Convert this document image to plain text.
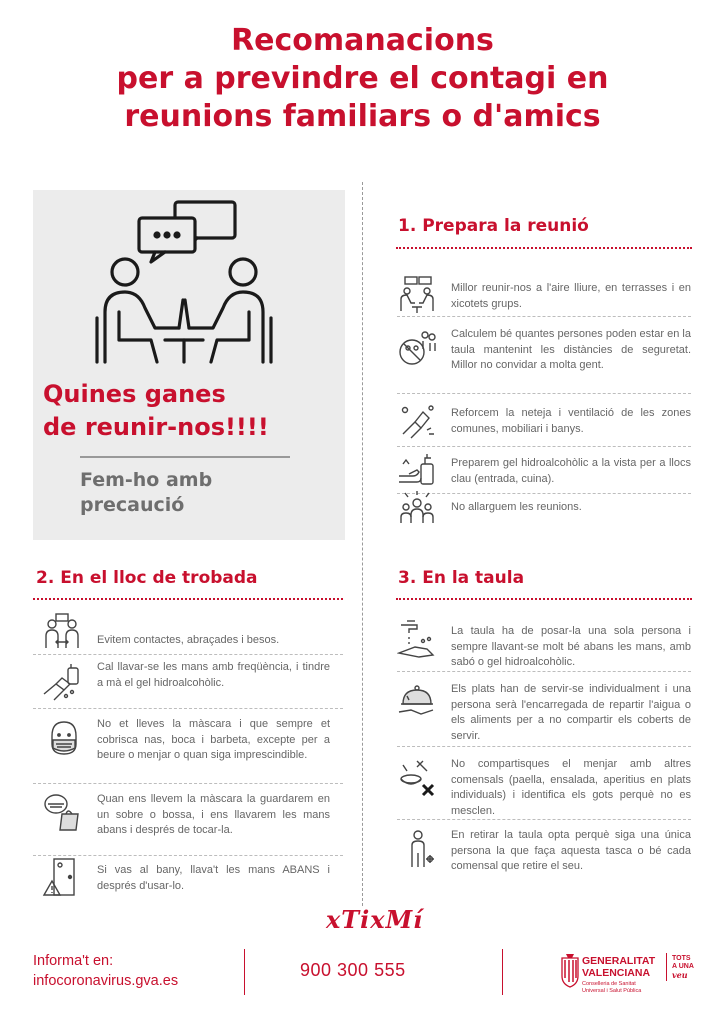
Recomanacions
per a previndre el contagi en
reunions familiars o d'amics
Quines ganes
de reunir-nos!!!!
Fem-ho amb
precaució
1. Prepara la reunió
Millor reunir-nos a l'aire lliure, en terrasses i en xicotets grups.
Calculem bé quantes persones poden estar en la taula mantenint les distàncies de seguretat. Millor no convidar a molta gent.
Reforcem la neteja i ventilació de les zones comunes, mobiliari i banys.
Preparem gel hidroalcohòlic a la vista per a llocs clau (entrada, cuina).
No allarguem les reunions.
2. En el lloc de trobada
Evitem contactes, abraçades i besos.
Cal llavar-se les mans amb freqüència, i tindre a mà el gel hidroalcohòlic.
No et lleves la màscara i que sempre et cobrisca nas, boca i barbeta, excepte per a beure o menjar o quan siga imprescindible.
Quan ens llevem la màscara la guardarem en un sobre o bossa, i ens llavarem les mans abans i després de tocar-la.
Si vas al bany, llava't les mans ABANS i després d'usar-lo.
3. En la taula
La taula ha de posar-la una sola persona i sempre llavant-se molt bé abans les mans, amb sabó o gel hidroalcohòlic.
Els plats han de servir-se individualment i una persona serà l'encarregada de repartir l'aigua o els aliments per a no compartir els coberts de servir.
No compartisques el menjar amb altres comensals (paella, ensalada, aperitius en plats individuals) i identifica els gots perquè no es mesclen.
En retirar la taula opta perquè siga una única persona la que faça aquesta tasca o bé cada comensal que retire el seu.
xTixMí
Informa't en:
infocoronavirus.gva.es
900 300 555	GENERALITAT
VALENCIANA
Conselleria de Sanitat
Universal i Salut Pública
TOTS
A UNA
veu
